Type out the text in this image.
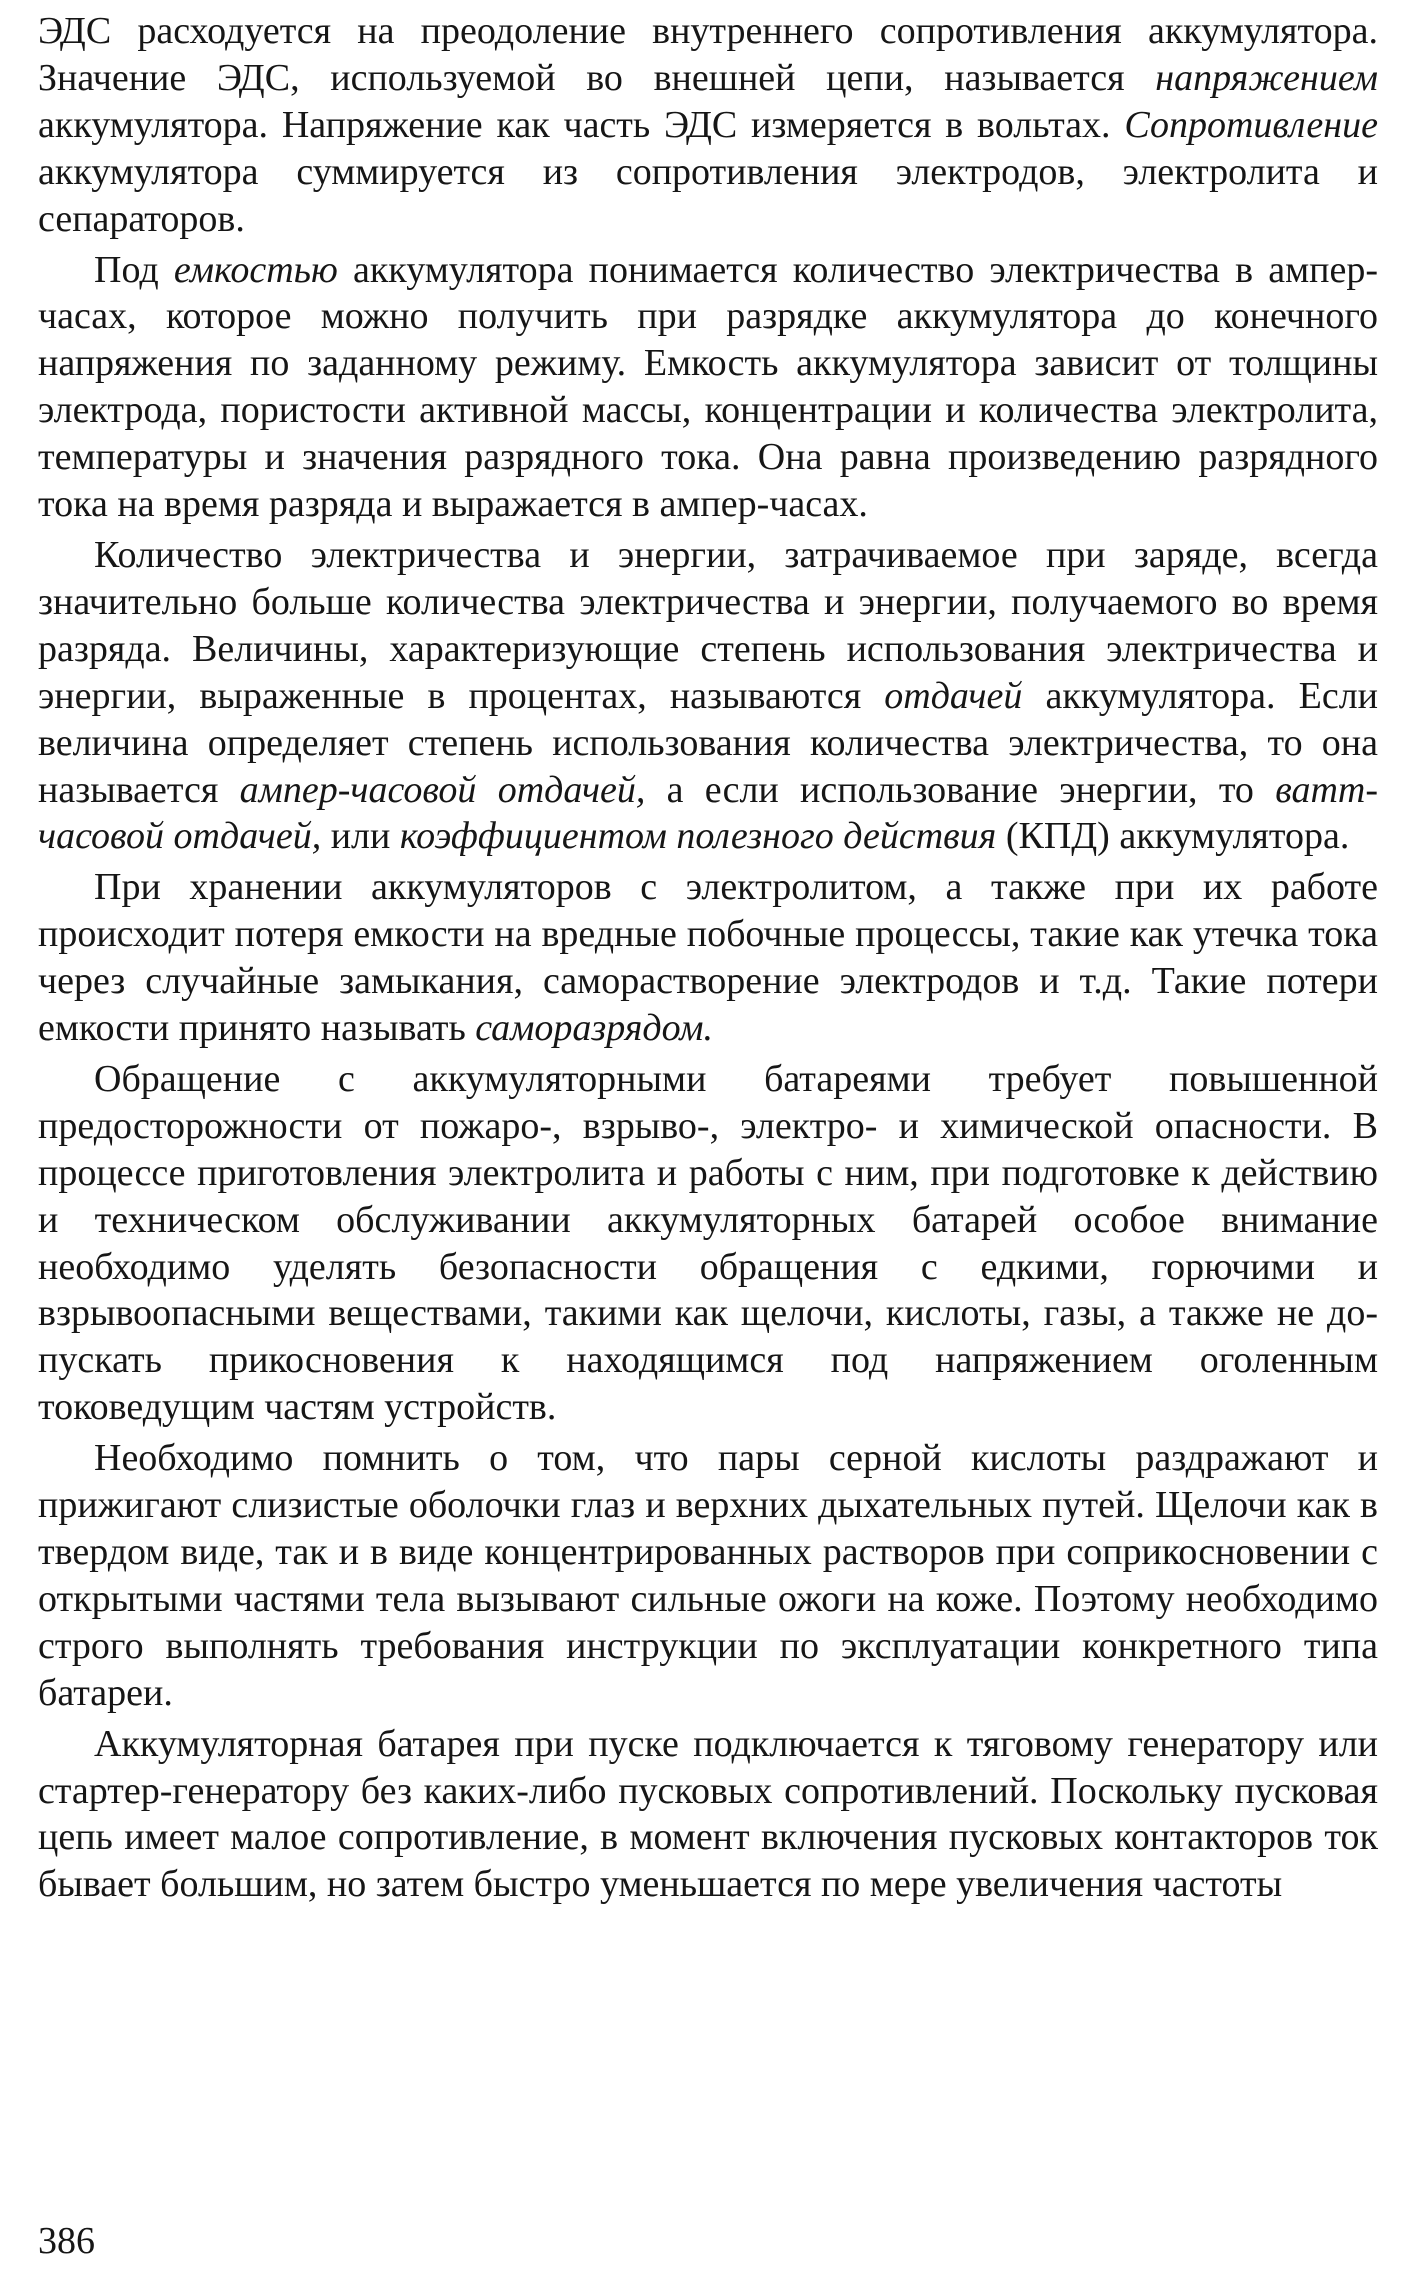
ЭДС расходуется на преодоление внутреннего сопротивления аккумулятора. Значение ЭДС, используемой во внешней цепи, называется напряжением аккумулятора. Напряжение как часть ЭДС измеряется в вольтах. Сопротивление аккумулятора суммируется из сопротивления электродов, электролита и сепараторов.

Под емкостью аккумулятора понимается количество электричества в ампер-часах, которое можно получить при разрядке аккумулятора до конечного напряжения по заданному режиму. Емкость аккумулятора зависит от толщины электрода, пористости активной массы, концентрации и количества электролита, температуры и значения разрядного тока. Она равна произведению разрядного тока на время разряда и выражается в ампер-часах.

Количество электричества и энергии, затрачиваемое при заряде, всегда значительно больше количества электричества и энергии, получаемого во время разряда. Величины, характеризующие степень использования электричества и энергии, выраженные в процентах, называются отдачей аккумулятора. Если величина определяет степень использования количества электричества, то она называется ампер-часовой отдачей, а если использование энергии, то ватт-часовой отдачей, или коэффициентом полезного действия (КПД) аккумулятора.

При хранении аккумуляторов с электролитом, а также при их работе происходит потеря емкости на вредные побочные процессы, такие как утечка тока через случайные замыкания, саморастворение электродов и т.д. Такие потери емкости принято называть саморазрядом.

Обращение с аккумуляторными батареями требует повышенной предосторожности от пожаро-, взрыво-, электро- и химической опасности. В процессе приготовления электролита и работы с ним, при подготовке к действию и техническом обслуживании аккумуляторных батарей особое внимание необходимо уделять безопасности обращения с едкими, горючими и взрывоопасными веществами, такими как щелочи, кислоты, газы, а также не допускать прикосновения к находящимся под напряжением оголенным токоведущим частям устройств.

Необходимо помнить о том, что пары серной кислоты раздражают и прижигают слизистые оболочки глаз и верхних дыхательных путей. Щелочи как в твердом виде, так и в виде концентрированных растворов при соприкосновении с открытыми частями тела вызывают сильные ожоги на коже. Поэтому необходимо строго выполнять требования инструкции по эксплуатации конкретного типа батареи.

Аккумуляторная батарея при пуске подключается к тяговому генератору или стартер-генератору без каких-либо пусковых сопротивлений. Поскольку пусковая цепь имеет малое сопротивление, в момент включения пусковых контакторов ток бывает большим, но затем быстро уменьшается по мере увеличения частоты

386
